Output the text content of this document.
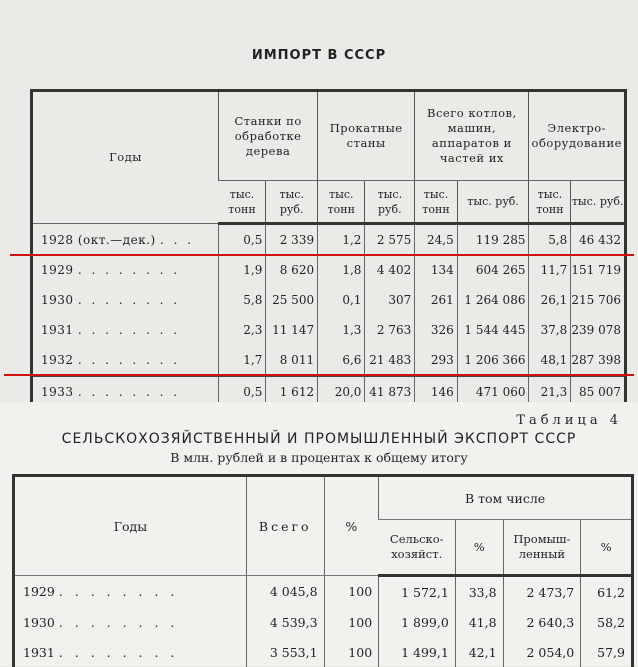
ИМПОРТ В СССР
Годы	Станки по обработке дерева		Прокатные станы		Всего котлов, машин, аппаратов и частей их		Электро-оборудование	
	тыс. тонн	тыс. руб.	тыс. тонн	тыс. руб.	тыс. тонн	тыс. руб.	тыс. тонн	тыс. руб.
1928 (окт.—дек.) . . .	0,5	2 339	1,2	2 575	24,5	119 285	5,8	46 432
1929 . . . . . . . .	1,9	8 620	1,8	4 402	134	604 265	11,7	151 719
1930 . . . . . . . .	5,8	25 500	0,1	307	261	1 264 086	26,1	215 706
1931 . . . . . . . .	2,3	11 147	1,3	2 763	326	1 544 445	37,8	239 078
1932 . . . . . . . .	1,7	8 011	6,6	21 483	293	1 206 366	48,1	287 398
1933 . . . . . . . .	0,5	1 612	20,0	41 873	146	471 060	21,3	85 007
Таблица 4
СЕЛЬСКОХОЗЯЙСТВЕННЫЙ И ПРОМЫШЛЕННЫЙ ЭКСПОРТ СССР
В млн. рублей и в процентах к общему итогу
Годы	Всего	%	В том числе			
			Сельско-хозяйст.	%	Промыш-ленный	%
1929 . . . . . . . .	4 045,8	100	1 572,1	33,8	2 473,7	61,2
1930 . . . . . . . .	4 539,3	100	1 899,0	41,8	2 640,3	58,2
1931 . . . . . . . .	3 553,1	100	1 499,1	42,1	2 054,0	57,9
